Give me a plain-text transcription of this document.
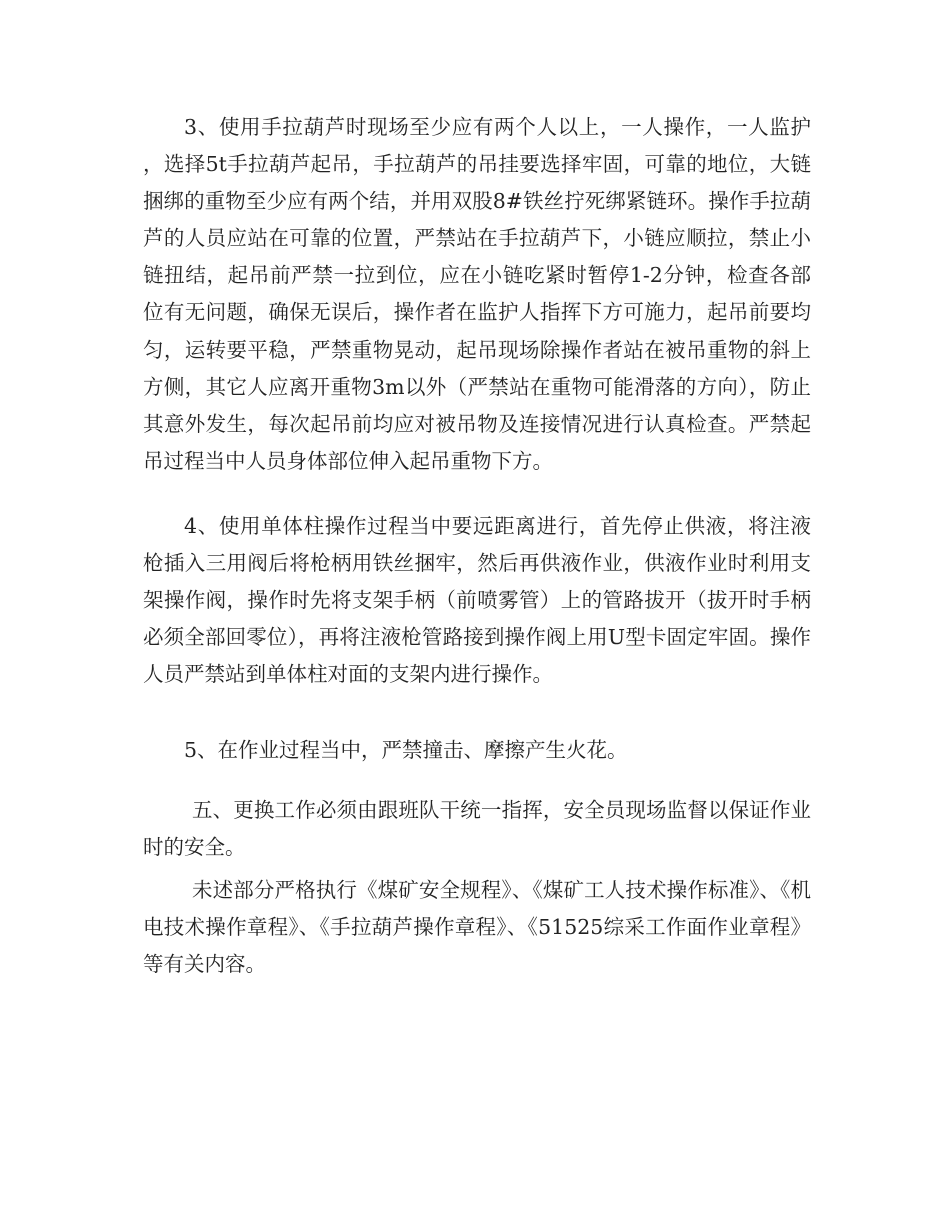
3、使用手拉葫芦时现场至少应有两个人以上，一人操作，一人监护，选择5t手拉葫芦起吊，手拉葫芦的吊挂要选择牢固，可靠的地位，大链捆绑的重物至少应有两个结，并用双股8#铁丝拧死绑紧链环。操作手拉葫芦的人员应站在可靠的位置，严禁站在手拉葫芦下，小链应顺拉，禁止小链扭结，起吊前严禁一拉到位，应在小链吃紧时暂停1-2分钟，检查各部位有无问题，确保无误后，操作者在监护人指挥下方可施力，起吊前要均匀，运转要平稳，严禁重物晃动，起吊现场除操作者站在被吊重物的斜上方侧，其它人应离开重物3m以外（严禁站在重物可能滑落的方向），防止其意外发生，每次起吊前均应对被吊物及连接情况进行认真检查。严禁起吊过程当中人员身体部位伸入起吊重物下方。

4、使用单体柱操作过程当中要远距离进行，首先停止供液，将注液枪插入三用阀后将枪柄用铁丝捆牢，然后再供液作业，供液作业时利用支架操作阀，操作时先将支架手柄（前喷雾管）上的管路拔开（拔开时手柄必须全部回零位），再将注液枪管路接到操作阀上用U型卡固定牢固。操作人员严禁站到单体柱对面的支架内进行操作。

5、在作业过程当中，严禁撞击、摩擦产生火花。

五、更换工作必须由跟班队干统一指挥，安全员现场监督以保证作业时的安全。

未述部分严格执行《煤矿安全规程》、《煤矿工人技术操作标准》、《机电技术操作章程》、《手拉葫芦操作章程》、《51525综采工作面作业章程》等有关内容。
